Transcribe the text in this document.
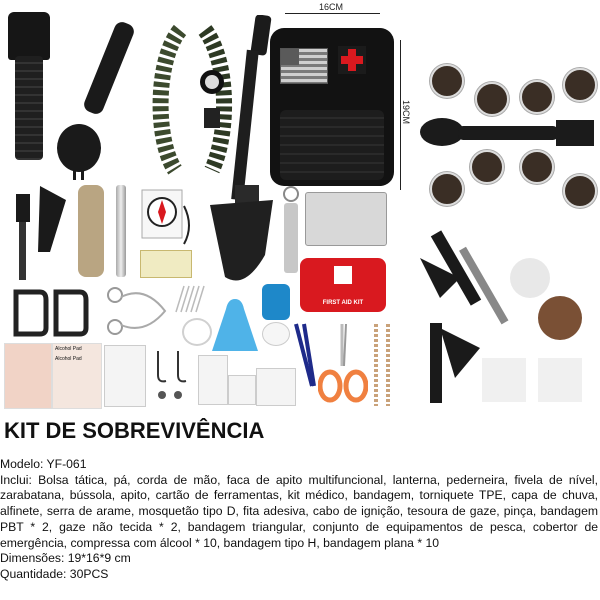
16CM
19CM
FIRST AID KIT
Alcohol Pad
Alcohol Pad
KIT DE SOBREVIVÊNCIA
Modelo: YF-061
Inclui: Bolsa tática, pá, corda de mão, faca de apito multifuncional, lanterna, pederneira, fivela de nível, zarabatana, bússola, apito, cartão de ferramentas, kit médico, bandagem, torniquete TPE, capa de chuva, alfinete, serra de arame, mosquetão tipo D, fita adesiva, cabo de ignição, tesoura de gaze, pinça, bandagem PBT * 2, gaze não tecida * 2, bandagem triangular, conjunto de equipamentos de pesca, cobertor de emergência, compressa com álcool * 10, bandagem tipo H, bandagem plana * 10
Dimensões: 19*16*9 cm
Quantidade: 30PCS
